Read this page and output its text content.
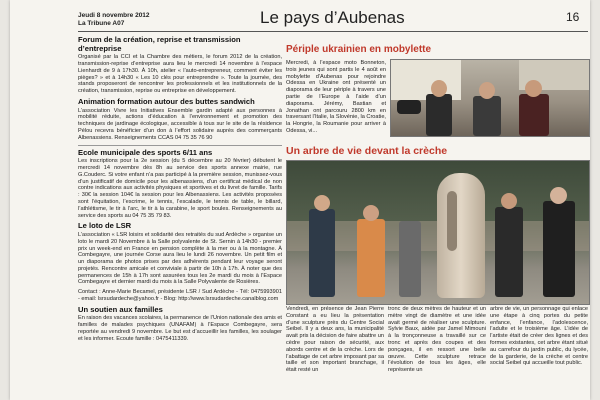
Jeudi 8 novembre 2012
La Tribune A07	Le pays d’Aubenas	16
Forum de la création, reprise et transmission d’entreprise

Organisé par la CCI et la Chambre des métiers, le forum 2012 de la création, transmission-reprise d’entreprise aura lieu le mercredi 14 novembre à l’espace Lienhardt de 9 à 17h30. À 10h, atelier « l’auto-entrepreneur, comment éviter les pièges? » et à 14h30 « Les 10 clés pour entreprendre ». Toute la journée, des stands proposeront de rencontrer les professionnels et les institutionnels de la création, transmission, reprise ou entreprise en développement.

Animation formation autour des buttes sandwich

L’association Vivre les Initiatives Ensemble gardin adapté aux personnes à mobilité réduite, actions d’éducation à l’environnement et promotion des techniques de jardinage écologique, accessible à tous sur le site de la résidence Pélou recevra bénéficier d’un don à l’effort solidaire auprès des commerçants Albenassiens. Renseignements CCAS 04 75 35 76 90

Ecole municipale des sports 6/11 ans

Les inscriptions pour la 2e session (du 5 décembre au 20 février) débutent le mercredi 14 novembre dès 8h au service des sports annexe mairie, rue G.Couderc. Si votre enfant n’a pas participé à la première session, munissez-vous d’un justificatif de domicile pour les albenassiens, d’un certificat médical de non contre indications aux activités physiques et sportives et du livret de famille. Tarifs : 30€ la session 104€ la session pour les Albenassiens. Les activités proposées sont l’équitation, l’escrime, le tennis, l’escalade, le tennis de table, le billard, l’athlétisme, le tir à l’arc, le tir à la carabine, le sport boules. Renseignements au service des sports au 04 75 35 79 83.

Le loto de LSR

L’association « LSR loisirs et solidarité des retraités du sud Ardèche » organise un loto le mardi 20 Novembre à la Salle polyvalente de St. Sernin à 14h30 - premier prix un week-end en France en pension complète à la mer ou à la montagne. À Combegayre, une journée Corse aura lieu le lundi 26 novembre. Un petit film et un diaporama de photos prises par des adhérents pendant leur voyage seront projetés. Rencontre amicale et conviviale à partir de 10h à 17h. À noter que des permanences de 15h à 17h sont assurées tous les 2e mardi du mois à l’Espace Combegayre et dernier mardi du mois à la Salle Polyvalente de Rosières.

Contact : Anne-Marie Becamel, présidente LSR / Sud Ardèche - Tél: 0475993901 - email: lsrsudardeche@yahoo.fr - Blog: http://www.lsrsudardeche.canalblog.com

Un soutien aux familles

En raison des vacances scolaires, la permanence de l’Union nationale des amis et familles de malades psychiques (UNAFAM) à l’Espace Combegayre, sera reportée au vendredi 9 novembre. Le but est d’accueillir les familles, les soulager et les informer. Ecoute famille : 0475411339.

Périple ukrainien en mobylette
Mercredi, à l’espace moto Bonneton, trois jeunes qui sont partis le 4 août en mobylette d’Aubenas pour rejoindre Odessa en Ukraine ont présenté un diaporama de leur périple à travers une partie de l’Europe à l’aide d’un diaporama. Jérémy, Bastian et Jonathan ont parcouru 2800 km en traversant l’Italie, la Slovénie, la Croatie, la Hongrie, la Roumanie pour arriver à Odessa, vi...
Un arbre de vie devant la crèche
Vendredi, en présence de Jean Pierre Constant a eu lieu la présentation d’une sculpture près du Centre Social Seibel. Il y a deux ans, la municipalité avait pris la décision de faire abattre un cèdre pour raison de sécurité, aux abords centre et de la crèche. Lors de l’abattage de cet arbre imposant par sa taille et son important branchage, il était resté un
tronc de deux mètres de hauteur et un mètre vingt de diamètre et une idée avait germé de réaliser une sculpture. Sylvie Baux, aidée par Jamel Mimouni à la tronçonneuse a travaillé sur ce tronc et après des coupes et des ponçages, il en ressort une belle œuvre. Cette sculpture retrace l’évolution de tous les âges, elle représente un
arbre de vie, un personnage qui enlace une étape à cinq portes du petite enfance, l’enfance, l’adolescence, l’adulte et le troisième âge. L’idée de l’artiste était de créer des lignes et des formes existantes, cet arbre étant situé au carrefour du jardin public, du lycée, de la garderie, de la crèche et centre social Seibel qui accueille tout public.
